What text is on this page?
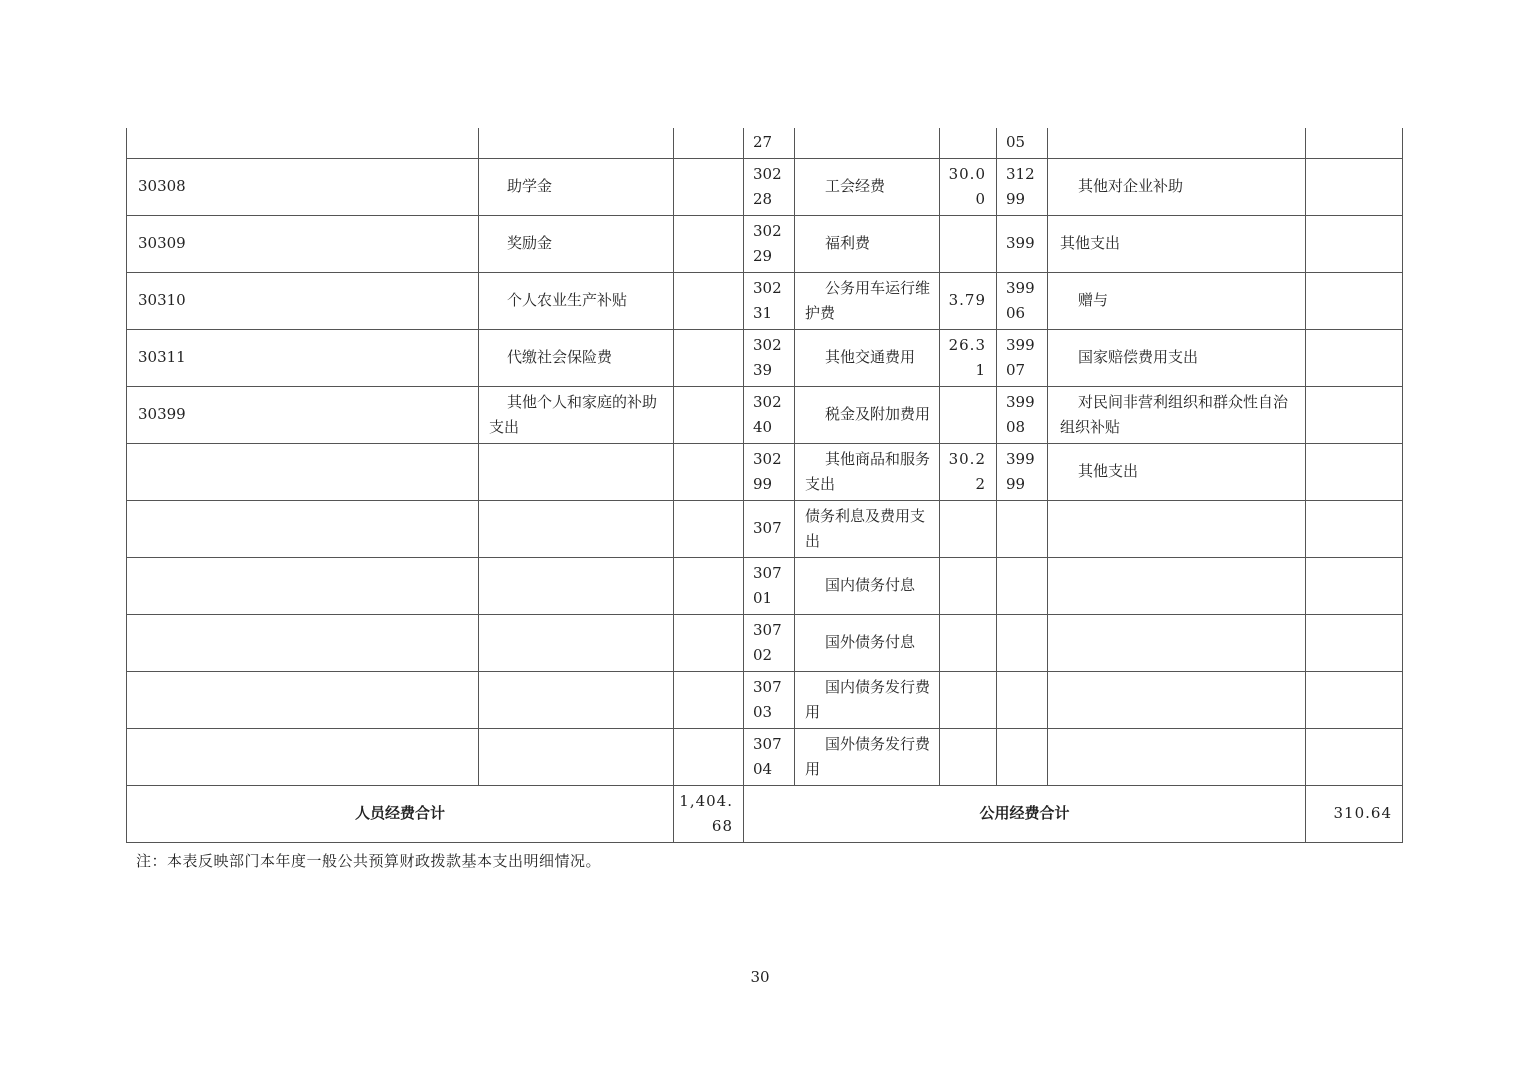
			27			05		
30308	助学金		30228	工会经费	30.00	31299	其他对企业补助	
30309	奖励金		30229	福利费		399	其他支出	
30310	个人农业生产补贴		30231	公务用车运行维护费	3.79	39906	赠与	
30311	代缴社会保险费		30239	其他交通费用	26.31	39907	国家赔偿费用支出	
30399	其他个人和家庭的补助支出		30240	税金及附加费用		39908	对民间非营利组织和群众性自治组织补贴	
			30299	其他商品和服务支出	30.22	39999	其他支出	
			307	债务利息及费用支出				
			30701	国内债务付息				
			30702	国外债务付息				
			30703	国内债务发行费用				
			30704	国外债务发行费用				
人员经费合计		1,404.68	公用经费合计					310.64
注：本表反映部门本年度一般公共预算财政拨款基本支出明细情况。
30
